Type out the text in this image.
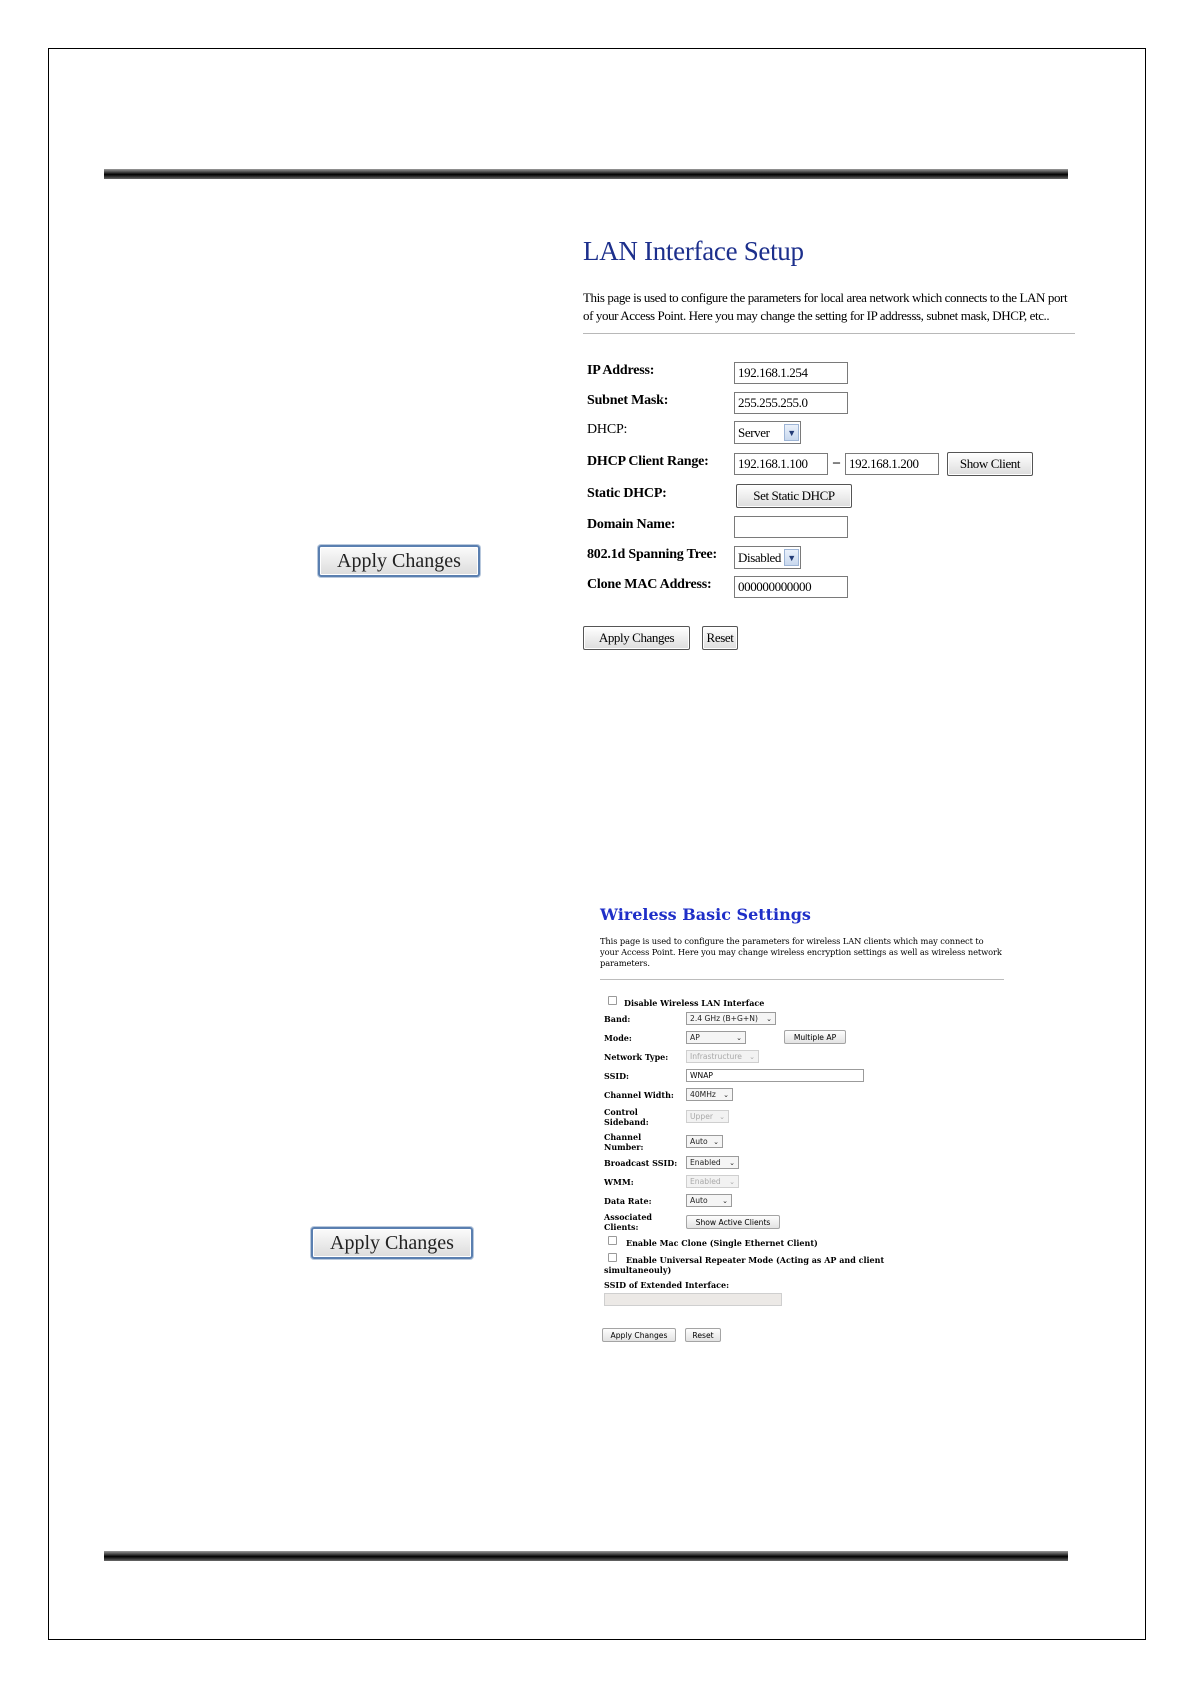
Apply Changes
Apply Changes
LAN Interface Setup
This page is used to configure the parameters for local area network which connects to the LAN port of your Access Point. Here you may change the setting for IP addresss, subnet mask, DHCP, etc..
IP Address:	192.168.1.254
Subnet Mask:	255.255.255.0
DHCP:	Server	▼
DHCP Client Range:	192.168.1.100	– 192.168.1.200	Show Client
Static DHCP:	Set Static DHCP
Domain Name:
802.1d Spanning Tree: Disabled ▼
Clone MAC Address:	000000000000
Apply Changes	Reset
Wireless Basic Settings
This page is used to configure the parameters for wireless LAN clients which may connect to your Access Point. Here you may change wireless encryption settings as well as wireless network parameters.
Disable Wireless LAN Interface
Band:	2.4 GHz (B+G+N) ⌄
Mode:	AP	⌄	Multiple AP
Network Type:	Infrastructure ⌄
SSID:	WNAP
Channel Width: 40MHz ⌄
Control Sideband:
Upper ⌄
Channel Number:
Auto ⌄
Broadcast SSID: Enabled ⌄
WMM:	Enabled ⌄
Data Rate:	Auto ⌄
Associated Clients:	Show Active Clients
Enable Mac Clone (Single Ethernet Client)
Enable Universal Repeater Mode (Acting as AP and client simultaneouly)
SSID of Extended Interface:
Apply Changes	Reset
